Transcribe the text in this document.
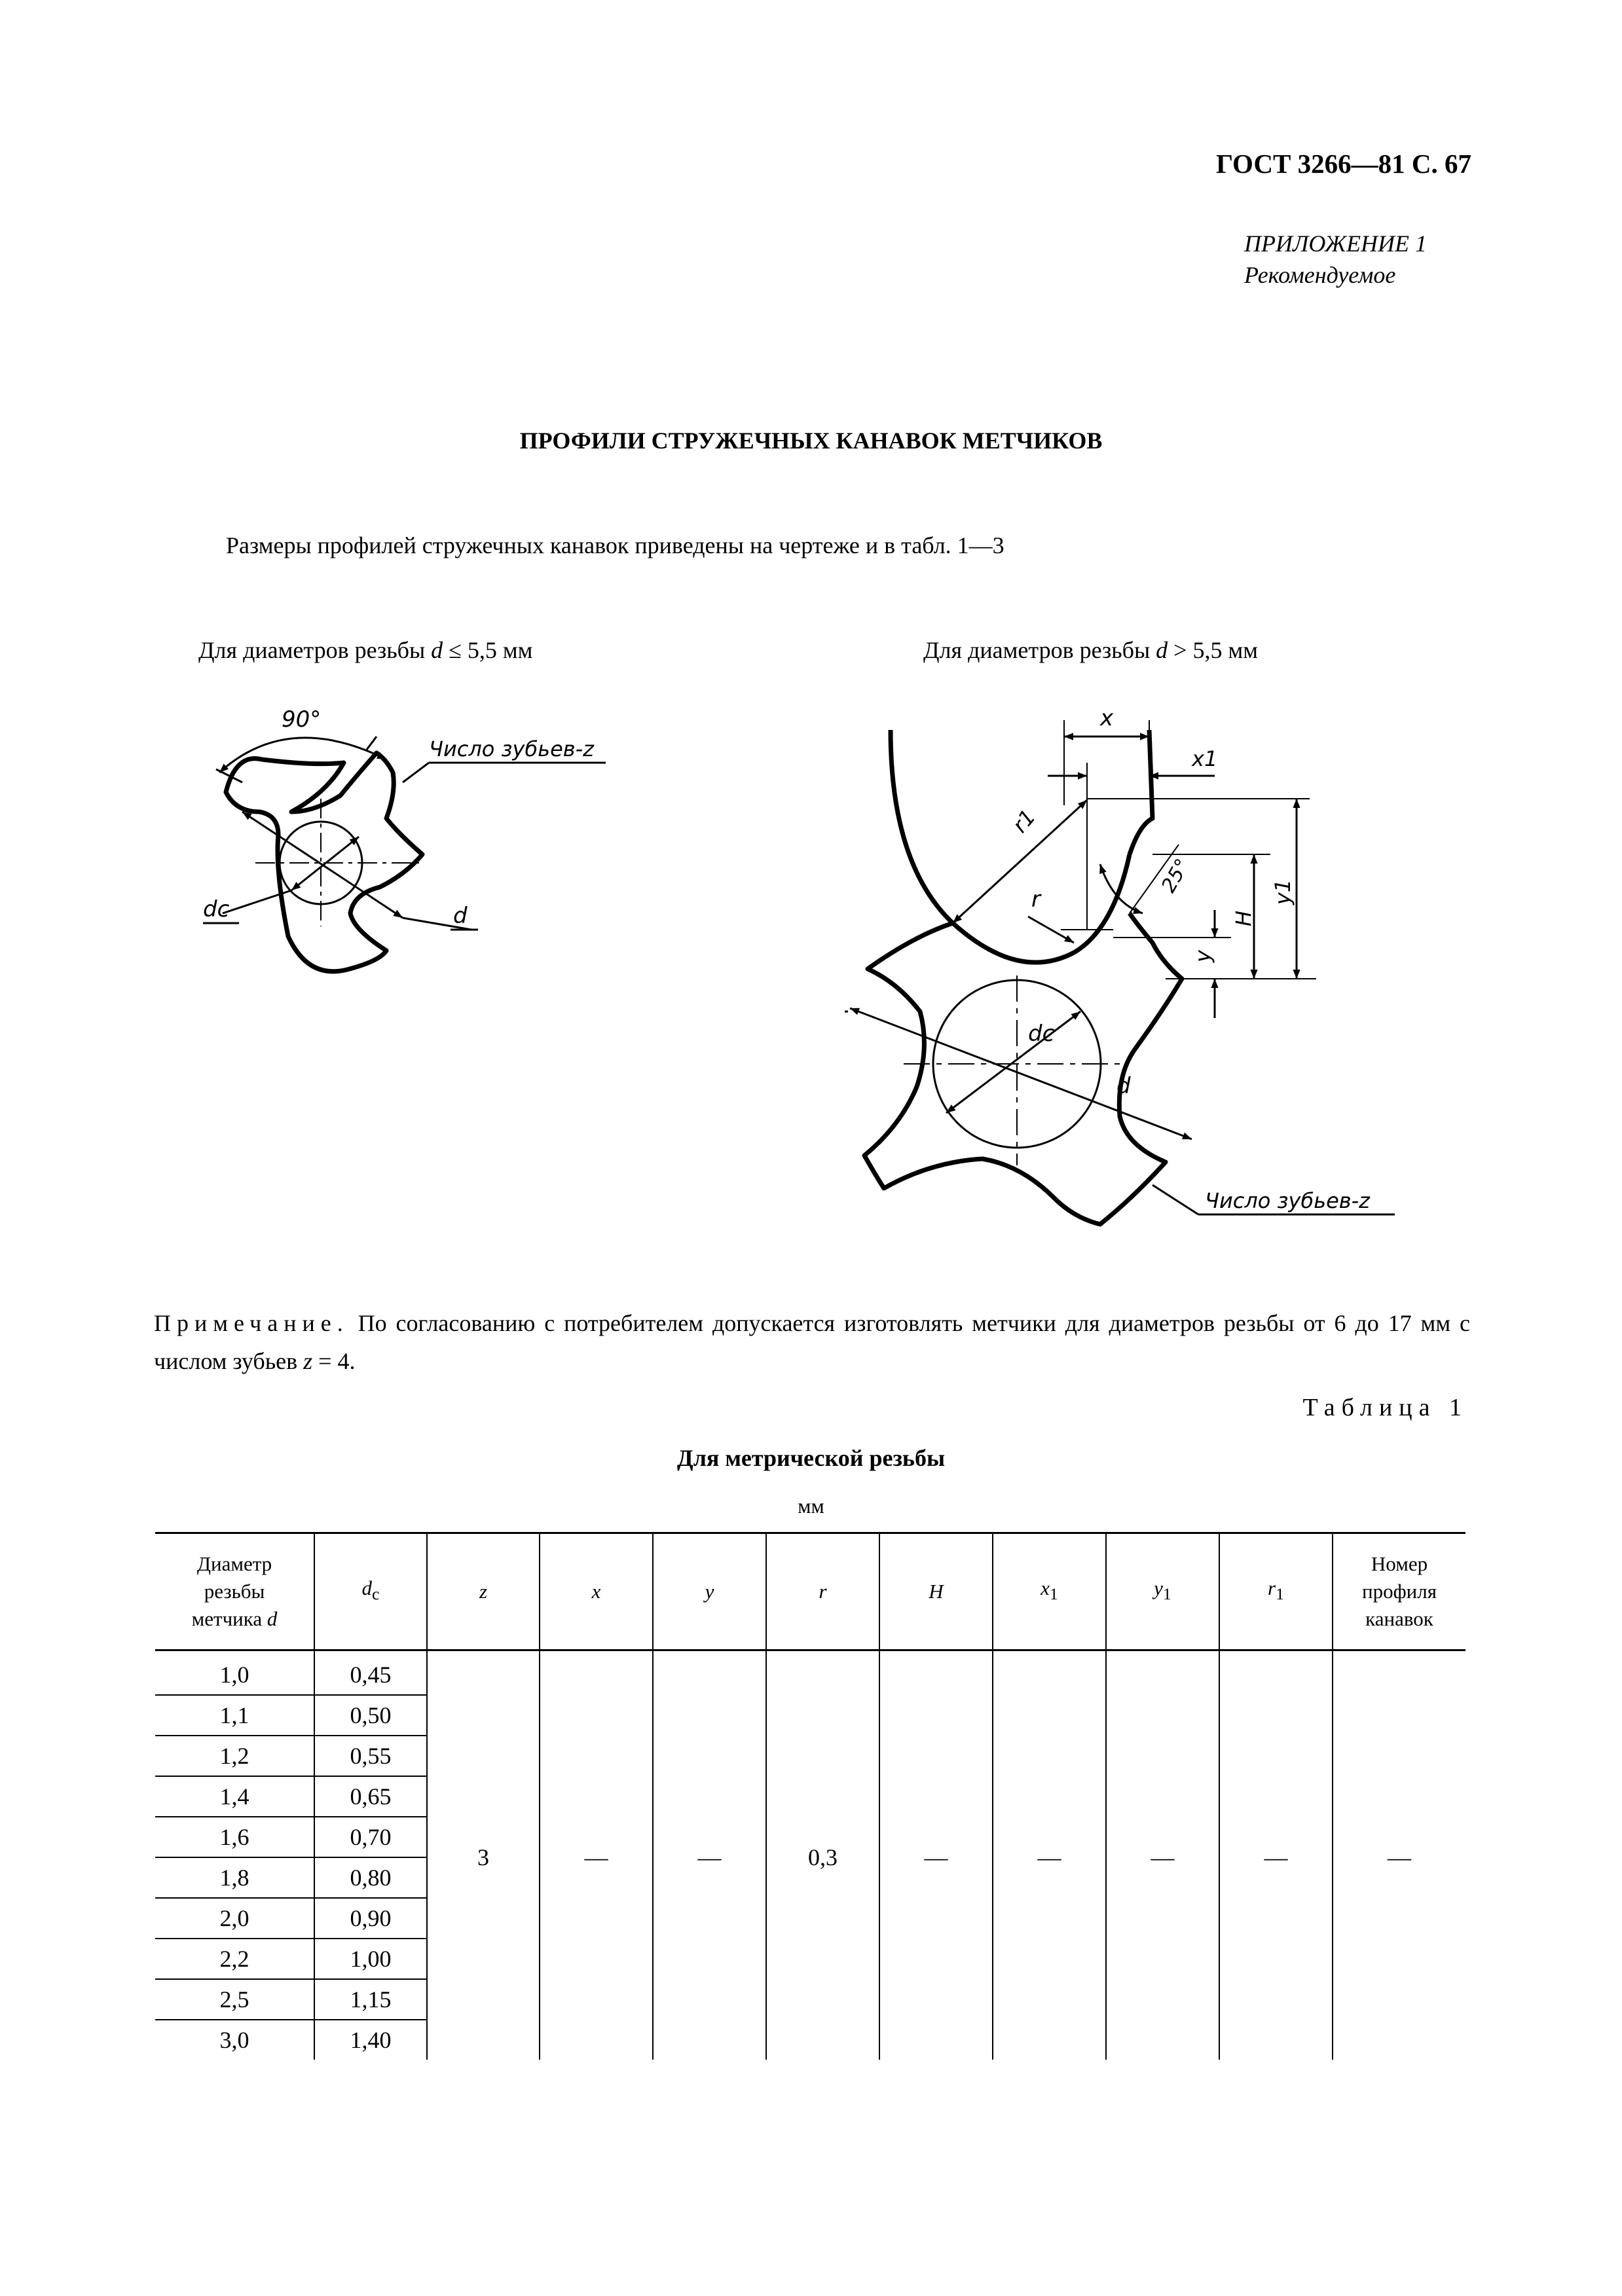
ГОСТ 3266—81 С. 67
ПРИЛОЖЕНИЕ 1
Рекомендуемое
ПРОФИЛИ СТРУЖЕЧНЫХ КАНАВОК МЕТЧИКОВ
Размеры профилей стружечных канавок приведены на чертеже и в табл. 1—3
Для диаметров резьбы d ≤ 5,5 мм	Для диаметров резьбы d > 5,5 мм
90°
Число зубьев-z
dc	d
x
x1
r1
r
25°
H
y
y1
dc
d
Число зубьев-z
Примечание. По согласованию с потребителем допускается изготовлять метчики для диаметров резьбы от 6 до 17 мм с числом зубьев z = 4.
Таблица 1
Для метрической резьбы
мм
Диаметр
резьбы
метчика d	$d_c$	z	x	y	r	H	$x_1$	$y_1$	$r_1$	Номер
профиля
канавок
1,0	0,45	3	—	—	0,3	—	—	—	—	—
1,1	0,50									
1,2	0,55									
1,4	0,65									
1,6	0,70									
1,8	0,80									
2,0	0,90									
2,2	1,00									
2,5	1,15									
3,0	1,40									
